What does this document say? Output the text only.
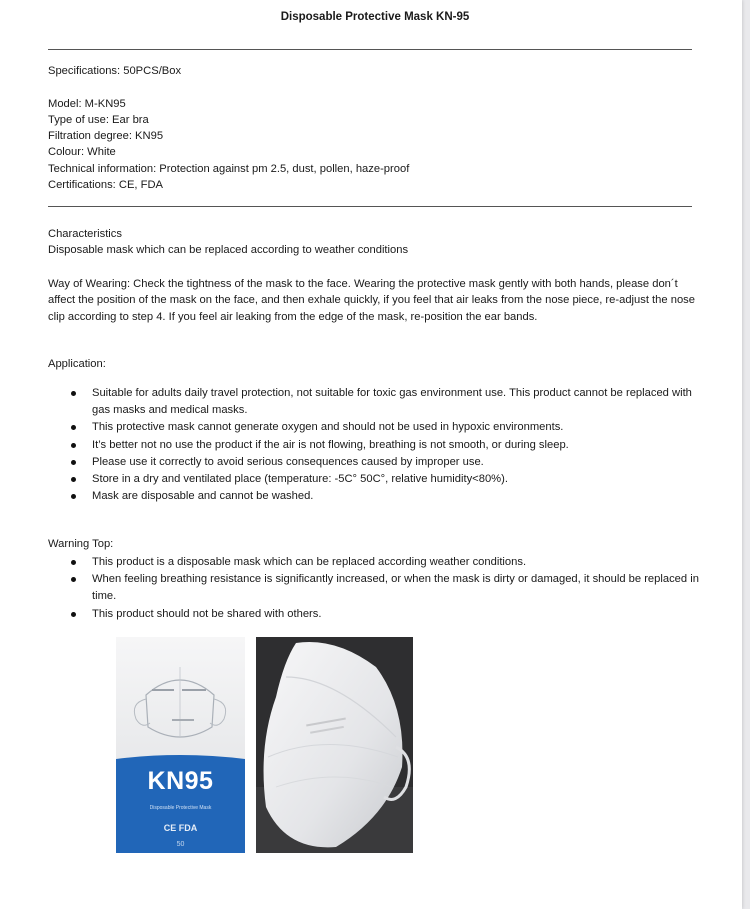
Disposable Protective Mask KN-95
Specifications: 50PCS/Box
Model: M-KN95
Type of use: Ear bra
Filtration degree: KN95
Colour: White
Technical information: Protection against pm 2.5, dust, pollen, haze-proof
Certifications: CE, FDA
Characteristics
Disposable mask which can be replaced according to weather conditions
Way of Wearing: Check the tightness of the mask to the face. Wearing the protective mask gently with both hands, please don´t affect the position of the mask on the face, and then exhale quickly, if you feel that air leaks from the nose piece, re-adjust the nose clip according to step 4. If you feel air leaking from the edge of the mask, re-position the ear bands.
Application:
Suitable for adults daily travel protection, not suitable for toxic gas environment use. This product cannot be replaced with gas masks and medical masks.
This protective mask cannot generate oxygen and should not be used in hypoxic environments.
It’s better not no use the product if the air is not flowing, breathing is not smooth, or during sleep.
Please use it correctly to avoid serious consequences caused by improper use.
Store in a dry and ventilated place (temperature: -5C° 50C°, relative humidity<80%).
Mask are disposable and cannot be washed.
Warning Top:
This product is a disposable mask which can be replaced according weather conditions.
When feeling breathing resistance is significantly increased, or when the mask is dirty or damaged, it should be replaced in time.
This product should not be shared with others.
KN95
Disposable Protective Mask
CE FDA
50
